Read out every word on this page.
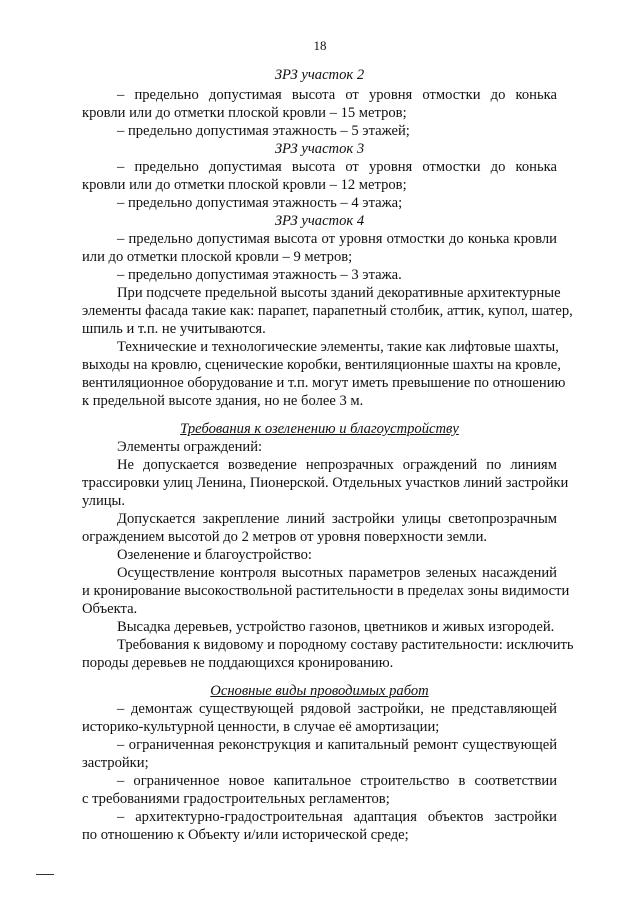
18
ЗРЗ участок 2
– предельно допустимая высота от уровня отмостки до конька
кровли или до отметки плоской кровли – 15 метров;
– предельно допустимая этажность – 5 этажей;
ЗРЗ участок 3
– предельно допустимая высота от уровня отмостки до конька
кровли или до отметки плоской кровли – 12 метров;
– предельно допустимая этажность – 4 этажа;
ЗРЗ участок 4
– предельно допустимая высота от уровня отмостки до конька кровли
или до отметки плоской кровли – 9 метров;
– предельно допустимая этажность – 3 этажа.
При подсчете предельной высоты зданий декоративные архитектурные
элементы фасада такие как: парапет, парапетный столбик, аттик, купол, шатер,
шпиль и т.п. не учитываются.
Технические и технологические элементы, такие как лифтовые шахты,
выходы на кровлю, сценические коробки, вентиляционные шахты на кровле,
вентиляционное оборудование и т.п. могут иметь превышение по отношению
к предельной высоте здания, но не более 3 м.
Требования к озеленению и благоустройству
Элементы ограждений:
Не допускается возведение непрозрачных ограждений по линиям
трассировки улиц Ленина, Пионерской. Отдельных участков линий застройки
улицы.
Допускается закрепление линий застройки улицы светопрозрачным
ограждением высотой до 2 метров от уровня поверхности земли.
Озеленение и благоустройство:
Осуществление контроля высотных параметров зеленых насаждений
и кронирование высокоствольной растительности в пределах зоны видимости
Объекта.
Высадка деревьев, устройство газонов, цветников и живых изгородей.
Требования к видовому и породному составу растительности: исключить
породы деревьев не поддающихся кронированию.
Основные виды проводимых работ
– демонтаж существующей рядовой застройки, не представляющей
историко-культурной ценности, в случае её амортизации;
– ограниченная реконструкция и капитальный ремонт существующей
застройки;
– ограниченное новое капитальное строительство в соответствии
с требованиями градостроительных регламентов;
– архитектурно-градостроительная адаптация объектов застройки
по отношению к Объекту и/или исторической среде;
